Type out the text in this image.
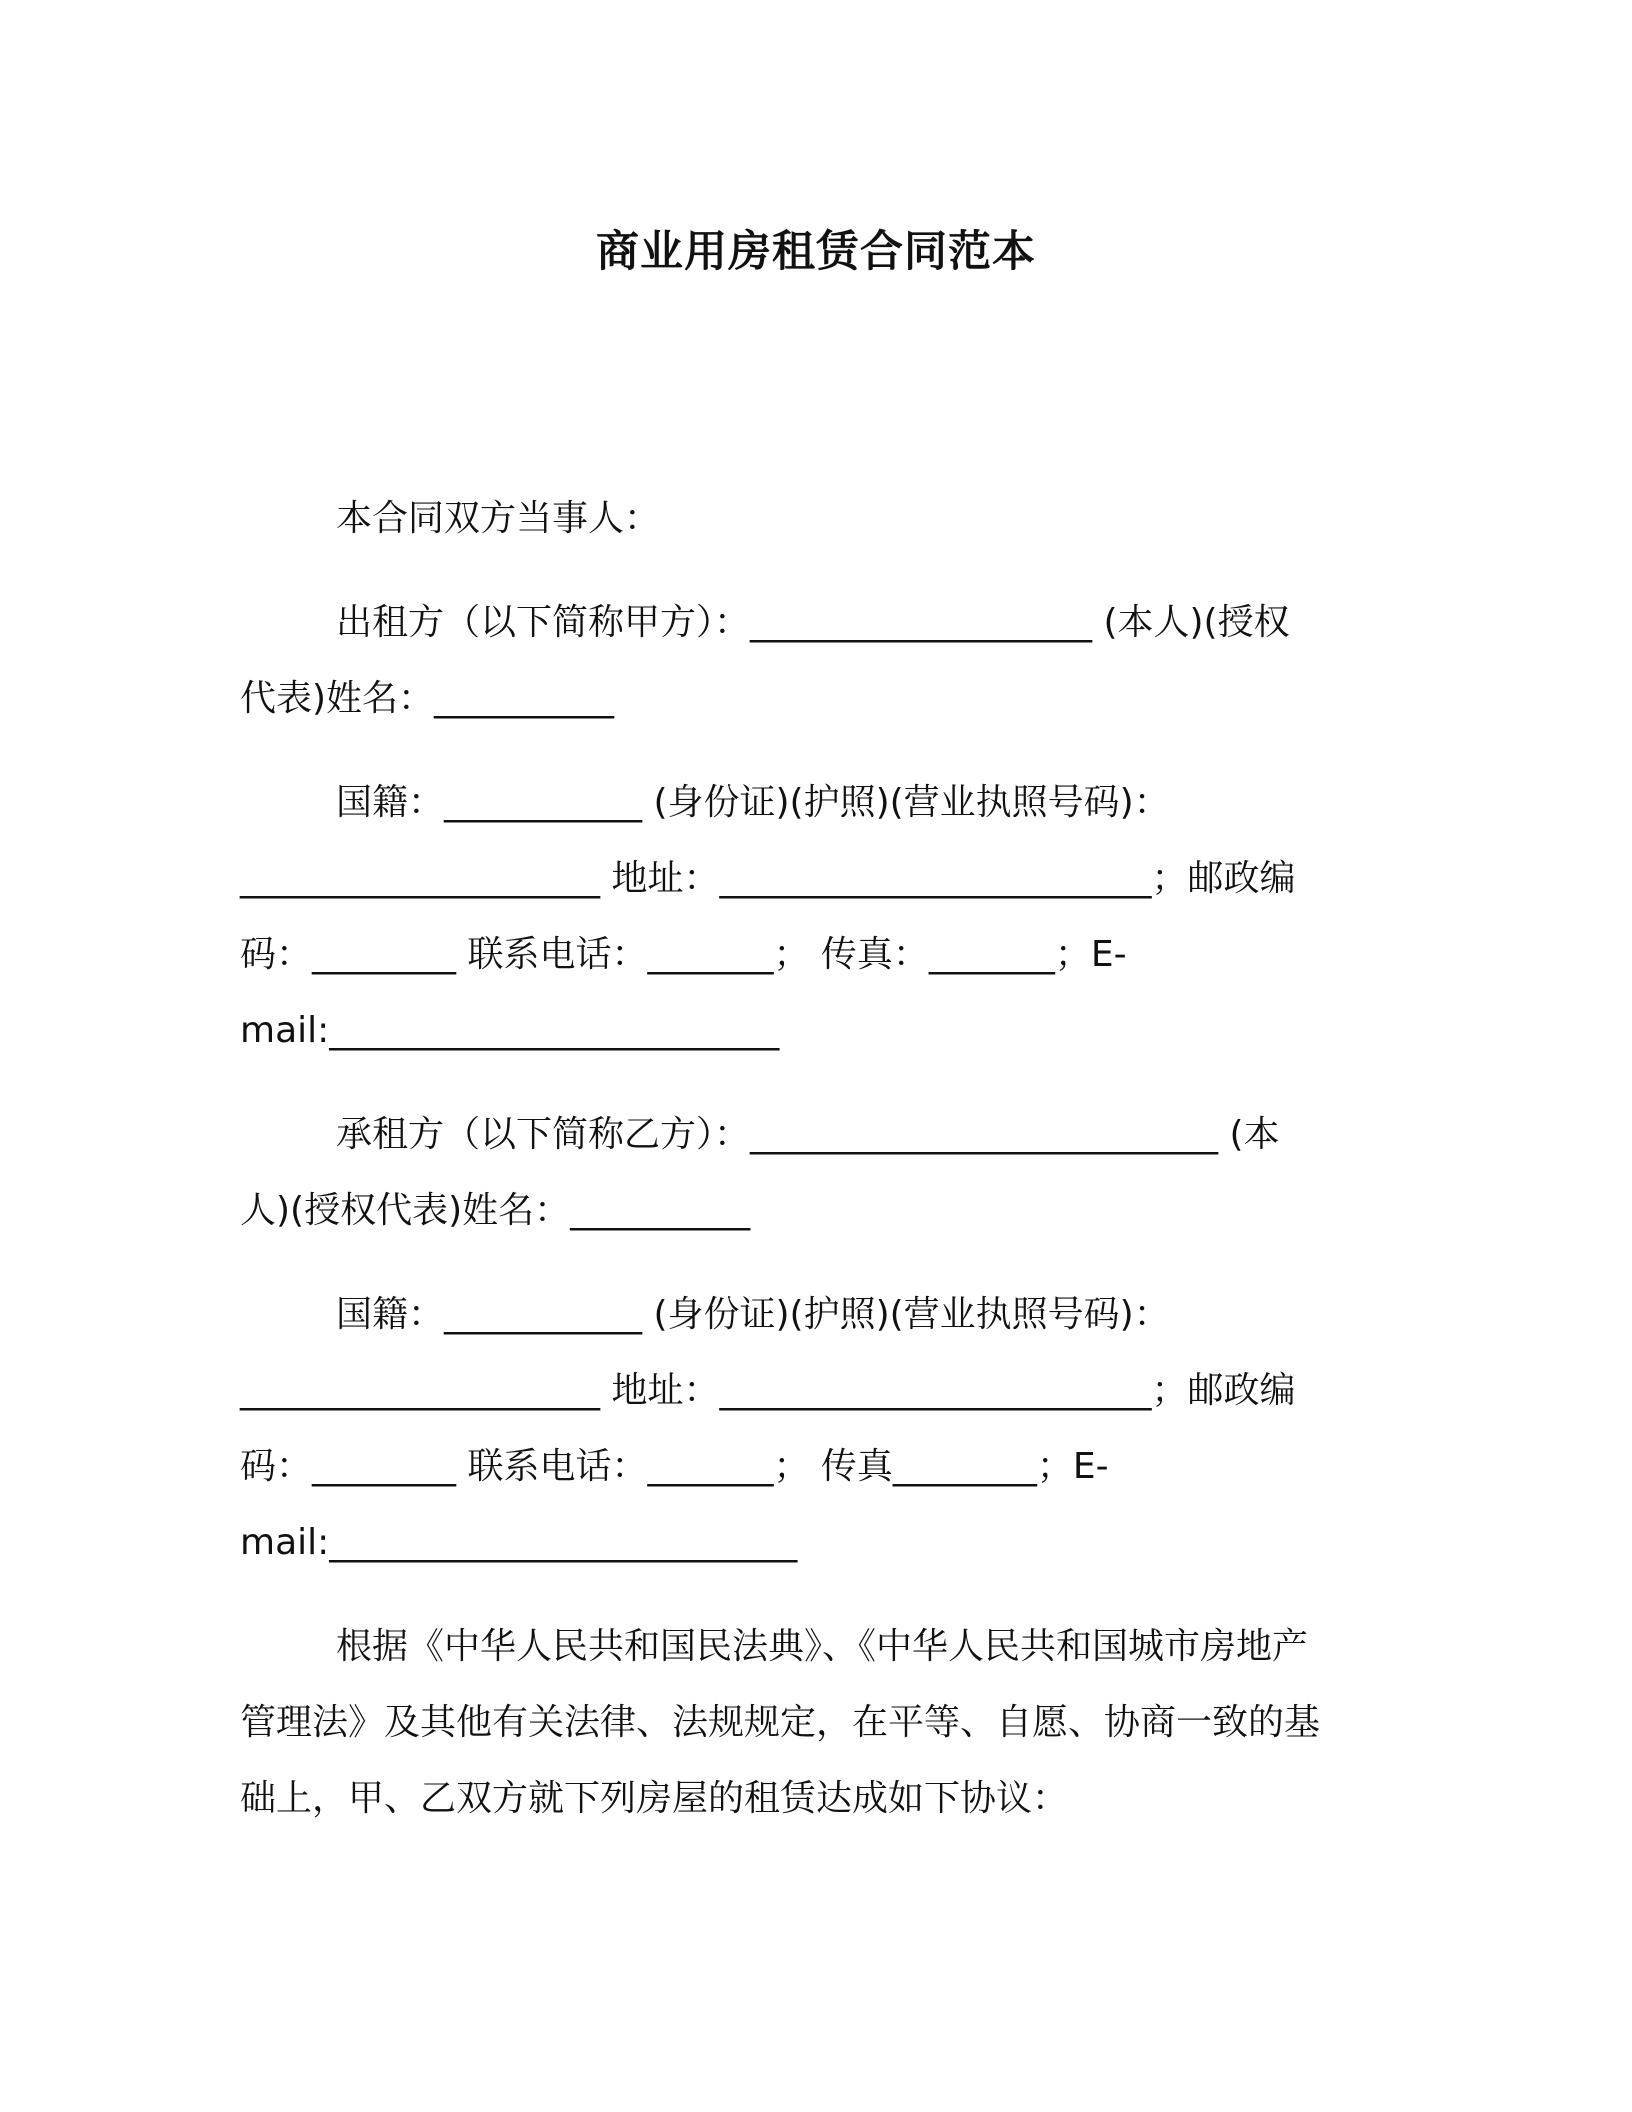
商业用房租赁合同范本
本合同双方当事人：
出租方（以下简称甲方）：___________________ (本人)(授权
代表)姓名：__________
国籍：___________ (身份证)(护照)(营业执照号码)：
____________________ 地址：________________________；邮政编
码：________ 联系电话：_______； 传真：_______；E-
mail:_________________________
承租方（以下简称乙方）：__________________________ (本
人)(授权代表)姓名：__________
国籍：___________ (身份证)(护照)(营业执照号码)：
____________________ 地址：________________________；邮政编
码：________ 联系电话：_______； 传真________；E-
mail:__________________________
根据《中华人民共和国民法典》、《中华人民共和国城市房地产
管理法》及其他有关法律、法规规定，在平等、自愿、协商一致的基
础上，甲、乙双方就下列房屋的租赁达成如下协议：
